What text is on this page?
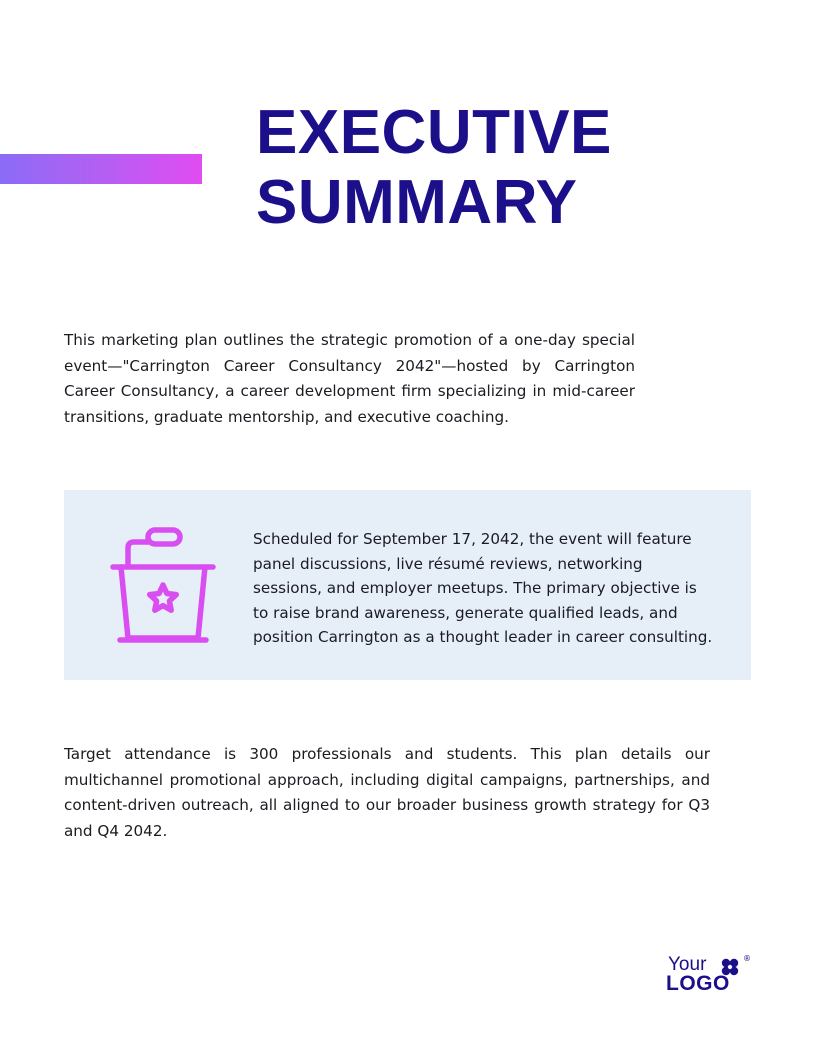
EXECUTIVE
SUMMARY

This marketing plan outlines the strategic promotion of a one-day special event—"Carrington Career Consultancy 2042"—hosted by Carrington Career Consultancy, a career development firm specializing in mid-career transitions, graduate mentorship, and executive coaching.

Scheduled for September 17, 2042, the event will feature panel discussions, live résumé reviews, networking sessions, and employer meetups. The primary objective is to raise brand awareness, generate qualified leads, and position Carrington as a thought leader in career consulting.

Target attendance is 300 professionals and students. This plan details our multichannel promotional approach, including digital campaigns, partnerships, and content-driven outreach, all aligned to our broader business growth strategy for Q3 and Q4 2042.

Your	®
LOGO
